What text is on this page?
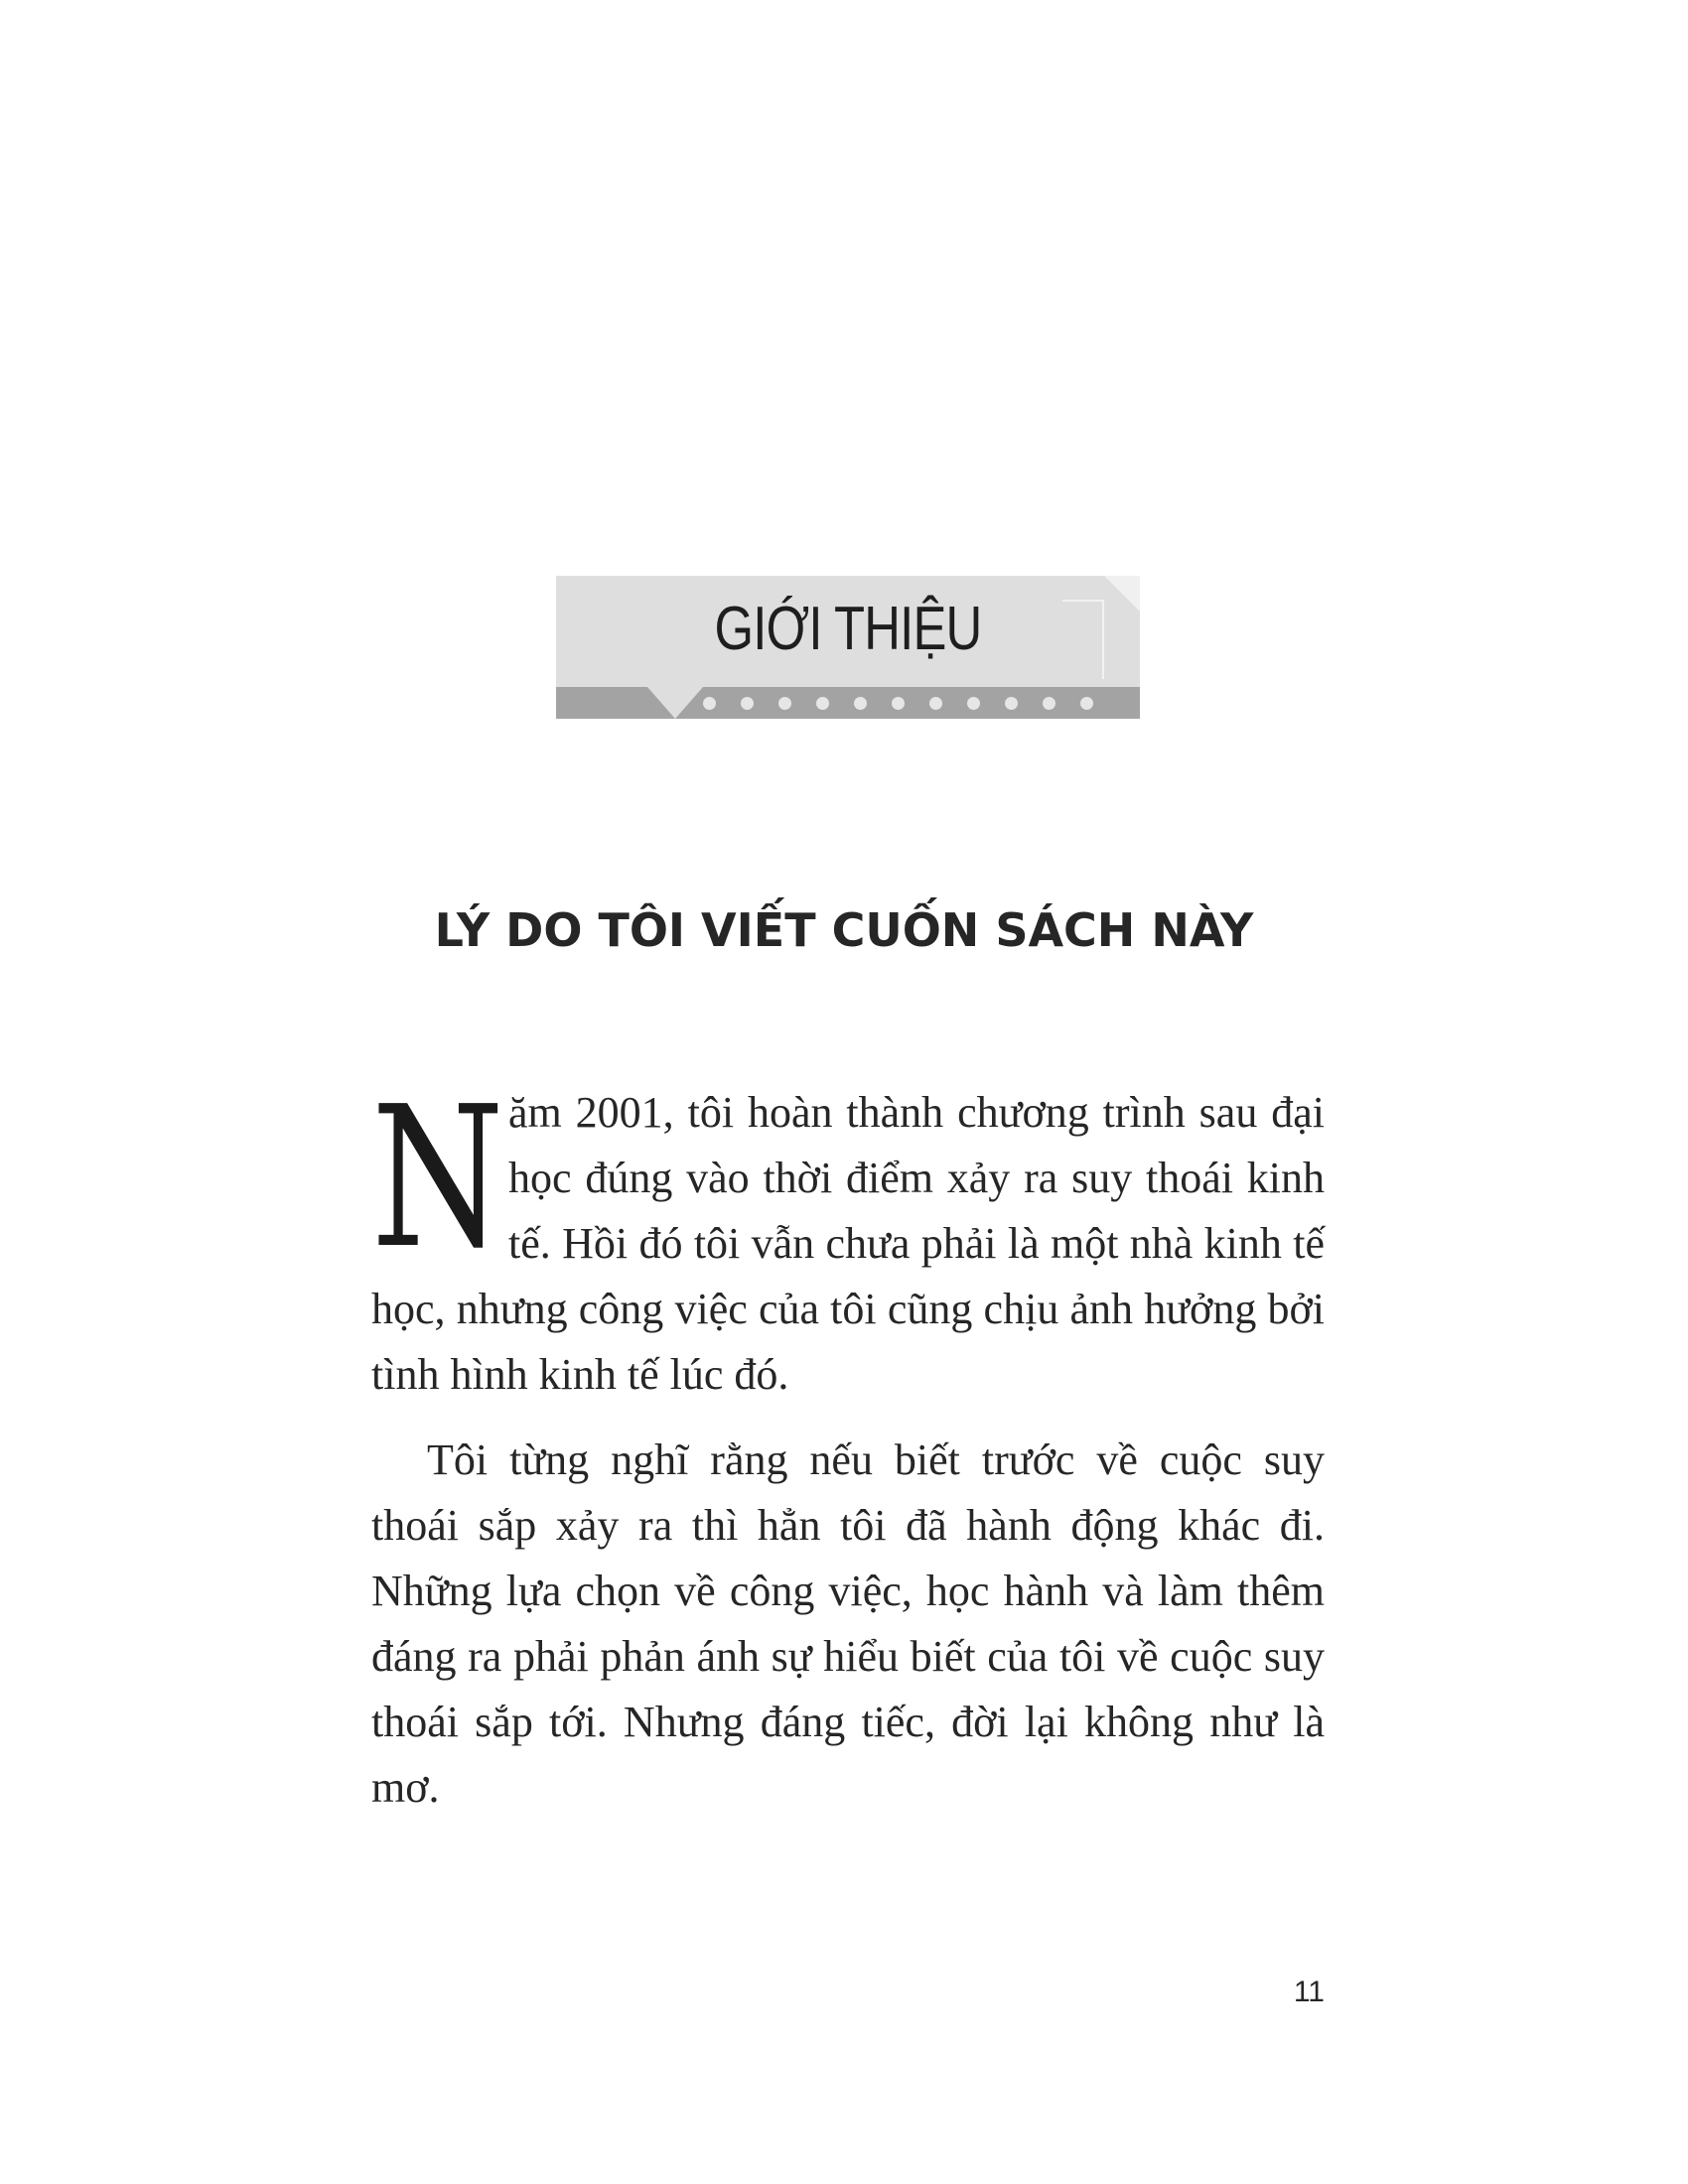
GIỚI THIỆU
LÝ DO TÔI VIẾT CUỐN SÁCH NÀY

Năm 2001, tôi hoàn thành chương trình sau đại học đúng vào thời điểm xảy ra suy thoái kinh tế. Hồi đó tôi vẫn chưa phải là một nhà kinh tế học, nhưng công việc của tôi cũng chịu ảnh hưởng bởi tình hình kinh tế lúc đó.

Tôi từng nghĩ rằng nếu biết trước về cuộc suy thoái sắp xảy ra thì hẳn tôi đã hành động khác đi. Những lựa chọn về công việc, học hành và làm thêm đáng ra phải phản ánh sự hiểu biết của tôi về cuộc suy thoái sắp tới. Nhưng đáng tiếc, đời lại không như là mơ.

11
